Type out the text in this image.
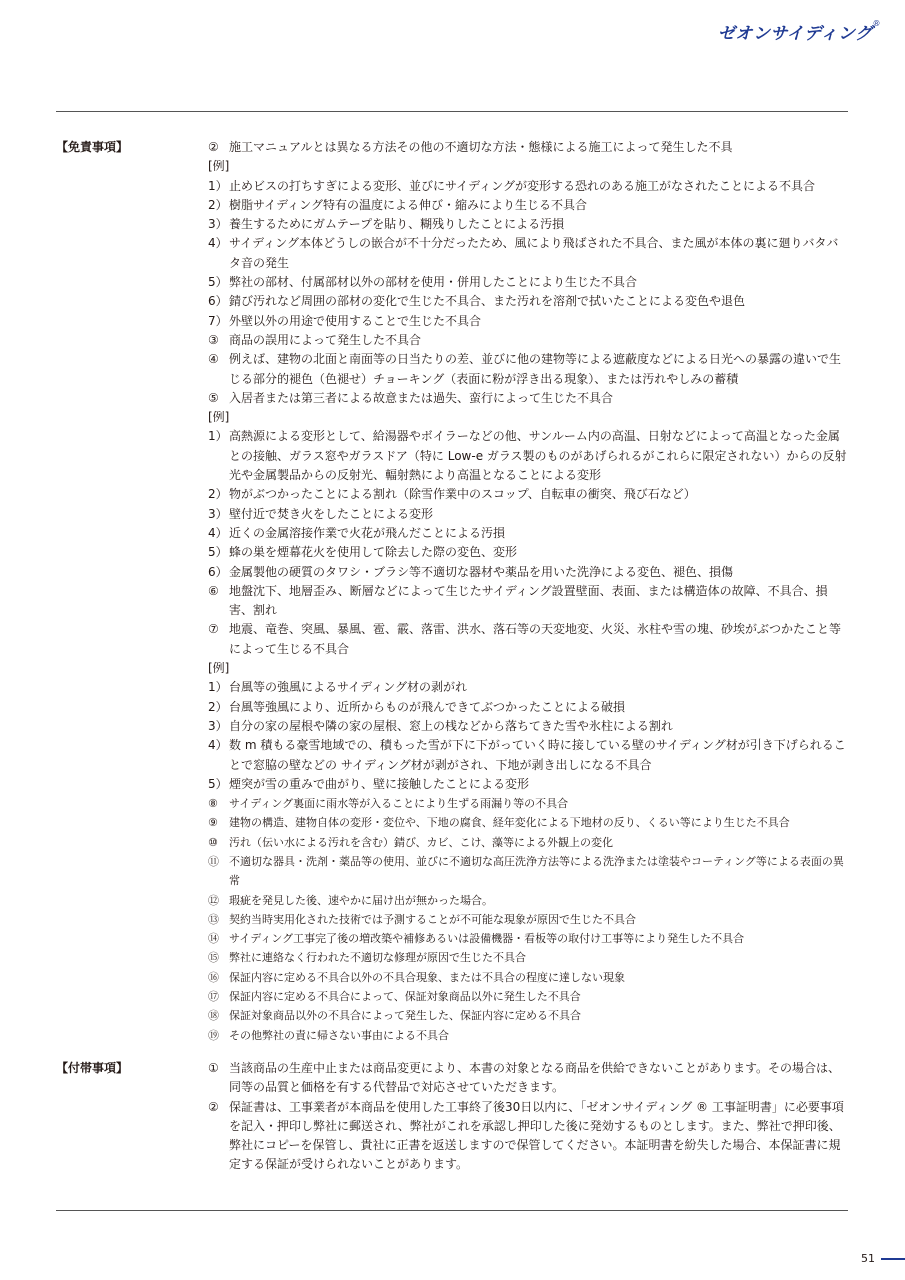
ゼオンサイディング®
【免責事項】	② 施工マニュアルとは異なる方法その他の不適切な方法・態様による施工によって発生した不具
[例]
1） 止めビスの打ちすぎによる変形、並びにサイディングが変形する恐れのある施工がなされたことによる不具合
2） 樹脂サイディング特有の温度による伸び・縮みにより生じる不具合
3） 養生するためにガムテープを貼り、糊残りしたことによる汚損
4） サイディング本体どうしの嵌合が不十分だったため、風により飛ばされた不具合、また風が本体の裏に廻りバタバタ音の発生
5） 弊社の部材、付属部材以外の部材を使用・併用したことにより生じた不具合
6） 錆び汚れなど周囲の部材の変化で生じた不具合、また汚れを溶剤で拭いたことによる変色や退色
7） 外壁以外の用途で使用することで生じた不具合
③ 商品の誤用によって発生した不具合
④ 例えば、建物の北面と南面等の日当たりの差、並びに他の建物等による遮蔽度などによる日光への暴露の違いで生じる部分的褪色（色褪せ）チョーキング（表面に粉が浮き出る現象）、または汚れやしみの蓄積
⑤ 入居者または第三者による故意または過失、蛮行によって生じた不具合
[例]
1） 高熱源による変形として、給湯器やボイラーなどの他、サンルーム内の高温、日射などによって高温となった金属との接触、ガラス窓やガラスドア（特に Low-e ガラス製のものがあげられるがこれらに限定されない）からの反射光や金属製品からの反射光、輻射熱により高温となることによる変形
2） 物がぶつかったことによる割れ（除雪作業中のスコップ、自転車の衝突、飛び石など）
3） 壁付近で焚き火をしたことによる変形
4） 近くの金属溶接作業で火花が飛んだことによる汚損
5） 蜂の巣を煙幕花火を使用して除去した際の変色、変形
6） 金属製他の硬質のタワシ・ブラシ等不適切な器材や薬品を用いた洗浄による変色、褪色、損傷
⑥ 地盤沈下、地層歪み、断層などによって生じたサイディング設置壁面、表面、または構造体の故障、不具合、損害、割れ
⑦ 地震、竜巻、突風、暴風、雹、霰、落雷、洪水、落石等の天変地変、火災、氷柱や雪の塊、砂埃がぶつかたこと等によって生じる不具合
[例]
1） 台風等の強風によるサイディング材の剥がれ
2） 台風等強風により、近所からものが飛んできてぶつかったことによる破損
3） 自分の家の屋根や隣の家の屋根、窓上の桟などから落ちてきた雪や氷柱による割れ
4） 数 m 積もる豪雪地域での、積もった雪が下に下がっていく時に接している壁のサイディング材が引き下げられることで窓脇の壁などの サイディング材が剥がされ、下地が剥き出しになる不具合
5） 煙突が雪の重みで曲がり、壁に接触したことによる変形
⑧	サイディング裏面に雨水等が入ることにより生ずる雨漏り等の不具合
⑨	建物の構造、建物自体の変形・変位や、下地の腐食、経年変化による下地材の反り、くるい等により生じた不具合
⑩	汚れ（伝い水による汚れを含む）錆び、カビ、こけ、藻等による外観上の変化
⑪ 不適切な器具・洗剤・薬品等の使用、並びに不適切な高圧洗浄方法等による洗浄または塗装やコーティング等による表面の異常
⑫ 瑕疵を発見した後、速やかに届け出が無かった場合。
⑬ 契約当時実用化された技術では予測することが不可能な現象が原因で生じた不具合
⑭ サイディング工事完了後の増改築や補修あるいは設備機器・看板等の取付け工事等により発生した不具合
⑮ 弊社に連絡なく行われた不適切な修理が原因で生じた不具合
⑯ 保証内容に定める不具合以外の不具合現象、または不具合の程度に達しない現象
⑰ 保証内容に定める不具合によって、保証対象商品以外に発生した不具合
⑱ 保証対象商品以外の不具合によって発生した、保証内容に定める不具合
⑲ その他弊社の責に帰さない事由による不具合
【付帯事項】	① 当該商品の生産中止または商品変更により、本書の対象となる商品を供給できないことがあります。その場合は、同等の品質と価格を有する代替品で対応させていただきます。
② 保証書は、工事業者が本商品を使用した工事終了後30日以内に、「ゼオンサイディング ® 工事証明書」に必要事項を記入・押印し弊社に郵送され、弊社がこれを承認し押印した後に発効するものとします。また、弊社で押印後、弊社にコピーを保管し、貴社に正書を返送しますので保管してください。本証明書を紛失した場合、本保証書に規定する保証が受けられないことがあります。
51
